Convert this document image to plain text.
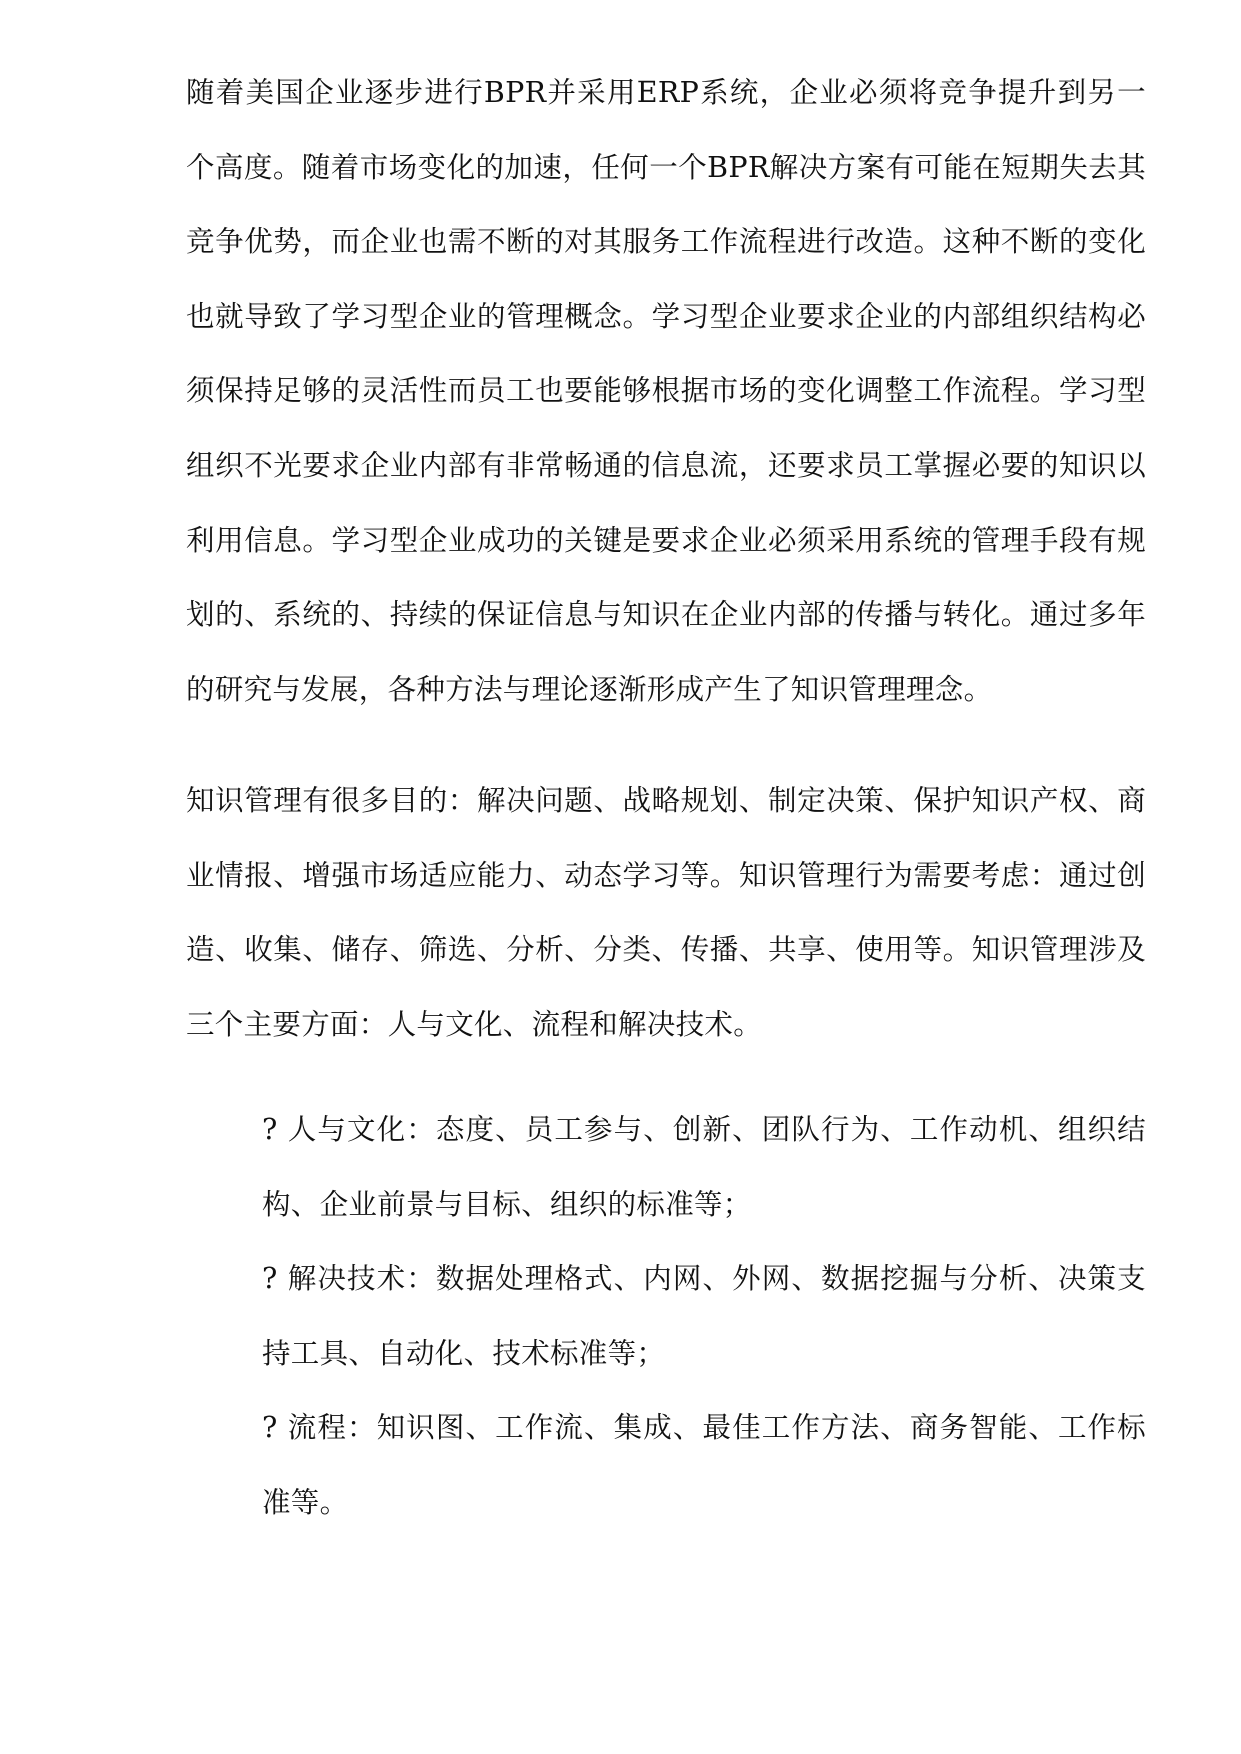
随着美国企业逐步进行BPR并采用ERP系统，企业必须将竞争提升到另一个高度。随着市场变化的加速，任何一个BPR解决方案有可能在短期失去其竞争优势，而企业也需不断的对其服务工作流程进行改造。这种不断的变化也就导致了学习型企业的管理概念。学习型企业要求企业的内部组织结构必须保持足够的灵活性而员工也要能够根据市场的变化调整工作流程。学习型组织不光要求企业内部有非常畅通的信息流，还要求员工掌握必要的知识以利用信息。学习型企业成功的关键是要求企业必须采用系统的管理手段有规划的、系统的、持续的保证信息与知识在企业内部的传播与转化。通过多年的研究与发展，各种方法与理论逐渐形成产生了知识管理理念。

知识管理有很多目的：解决问题、战略规划、制定决策、保护知识产权、商业情报、增强市场适应能力、动态学习等。知识管理行为需要考虑：通过创造、收集、储存、筛选、分析、分类、传播、共享、使用等。知识管理涉及三个主要方面：人与文化、流程和解决技术。

? 人与文化：态度、员工参与、创新、团队行为、工作动机、组织结构、企业前景与目标、组织的标准等；
? 解决技术：数据处理格式、内网、外网、数据挖掘与分析、决策支持工具、自动化、技术标准等；
? 流程：知识图、工作流、集成、最佳工作方法、商务智能、工作标准等。
